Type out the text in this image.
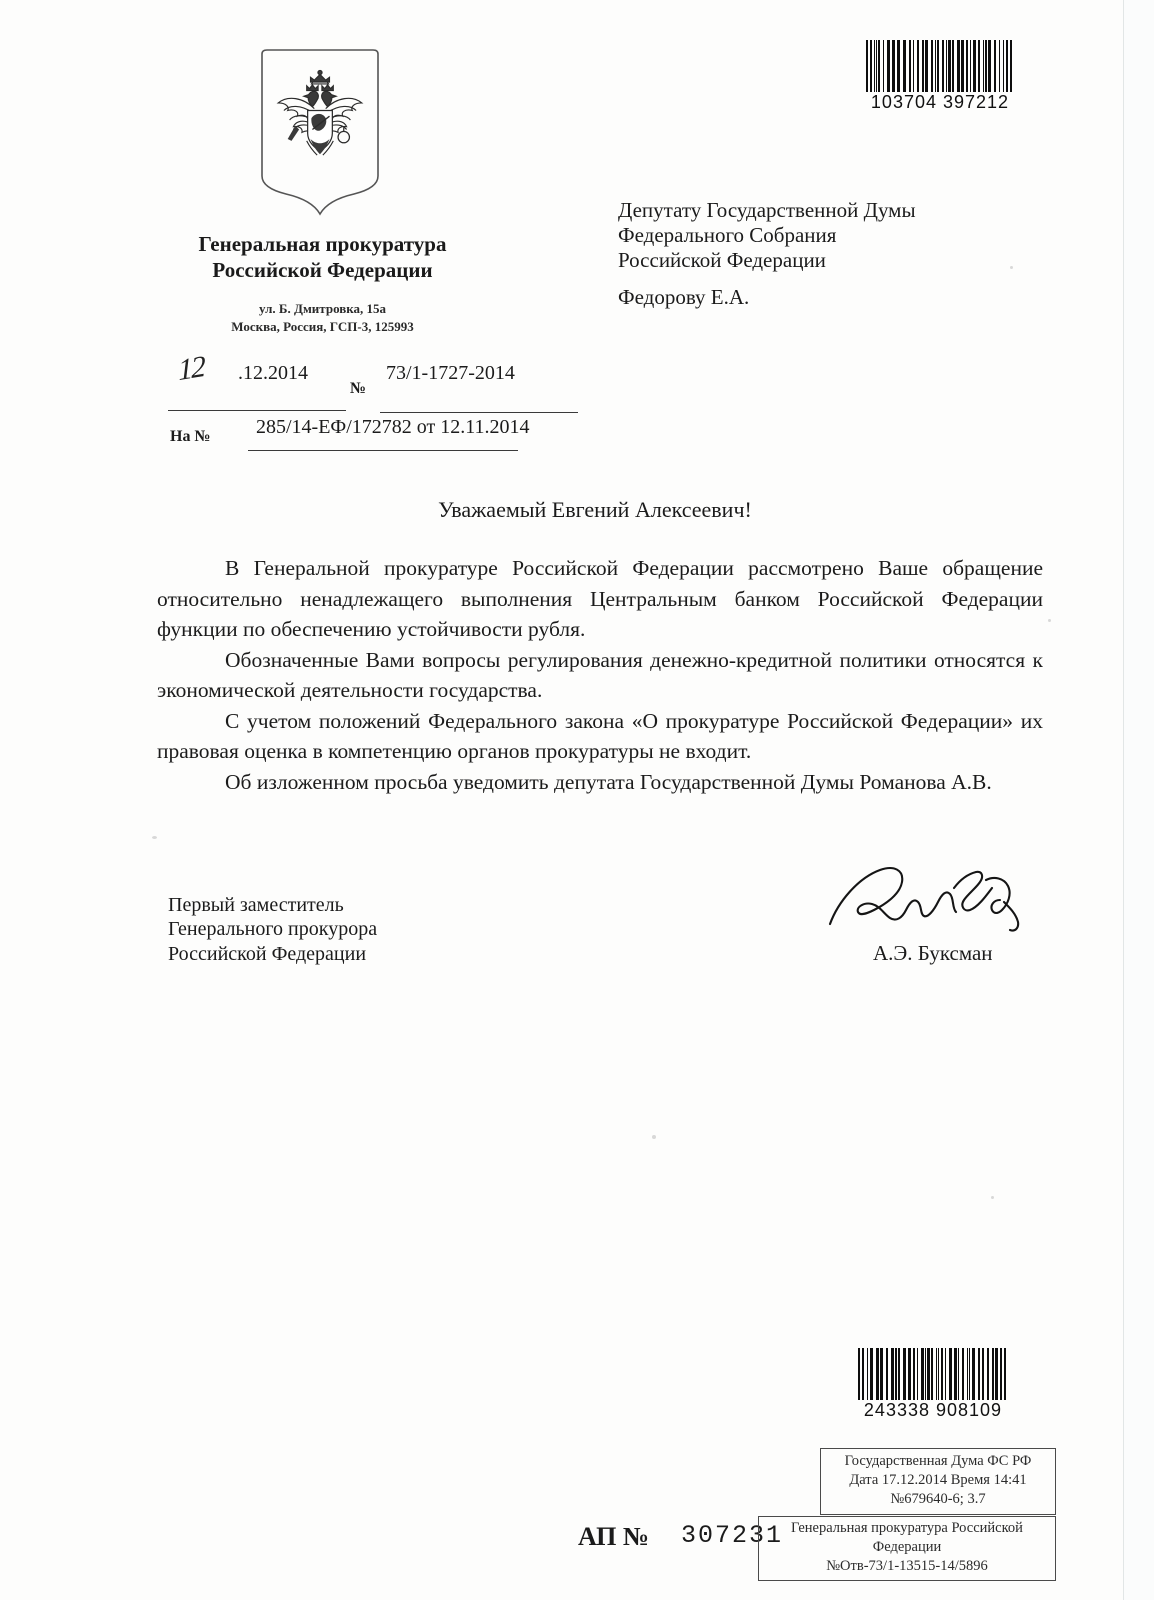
103704 397212
Генеральная прокуратура
Российской Федерации
ул. Б. Дмитровка, 15а
Москва, Россия, ГСП-3, 125993
12 .12.2014
№
73/1-1727-2014
На № 285/14-ЕФ/172782 от 12.11.2014
Депутату Государственной Думы
Федерального Собрания
Российской Федерации
Федорову Е.А.
Уважаемый Евгений Алексеевич!

В Генеральной прокуратуре Российской Федерации рассмотрено Ваше обращение относительно ненадлежащего выполнения Центральным банком Российской Федерации функции по обеспечению устойчивости рубля.

Обозначенные Вами вопросы регулирования денежно-кредитной политики относятся к экономической деятельности государства.

С учетом положений Федерального закона «О прокуратуре Российской Федерации» их правовая оценка в компетенцию органов прокуратуры не входит.

Об изложенном просьба уведомить депутата Государственной Думы Романова А.В.

Первый заместитель
Генерального прокурора
Российской Федерации	А.Э. Буксман
243338 908109
Государственная Дума ФС РФ
Дата 17.12.2014 Время 14:41
№679640-6; 3.7
АП № 307231 Генеральная прокуратура Российской
Федерации
№Отв-73/1-13515-14/5896
